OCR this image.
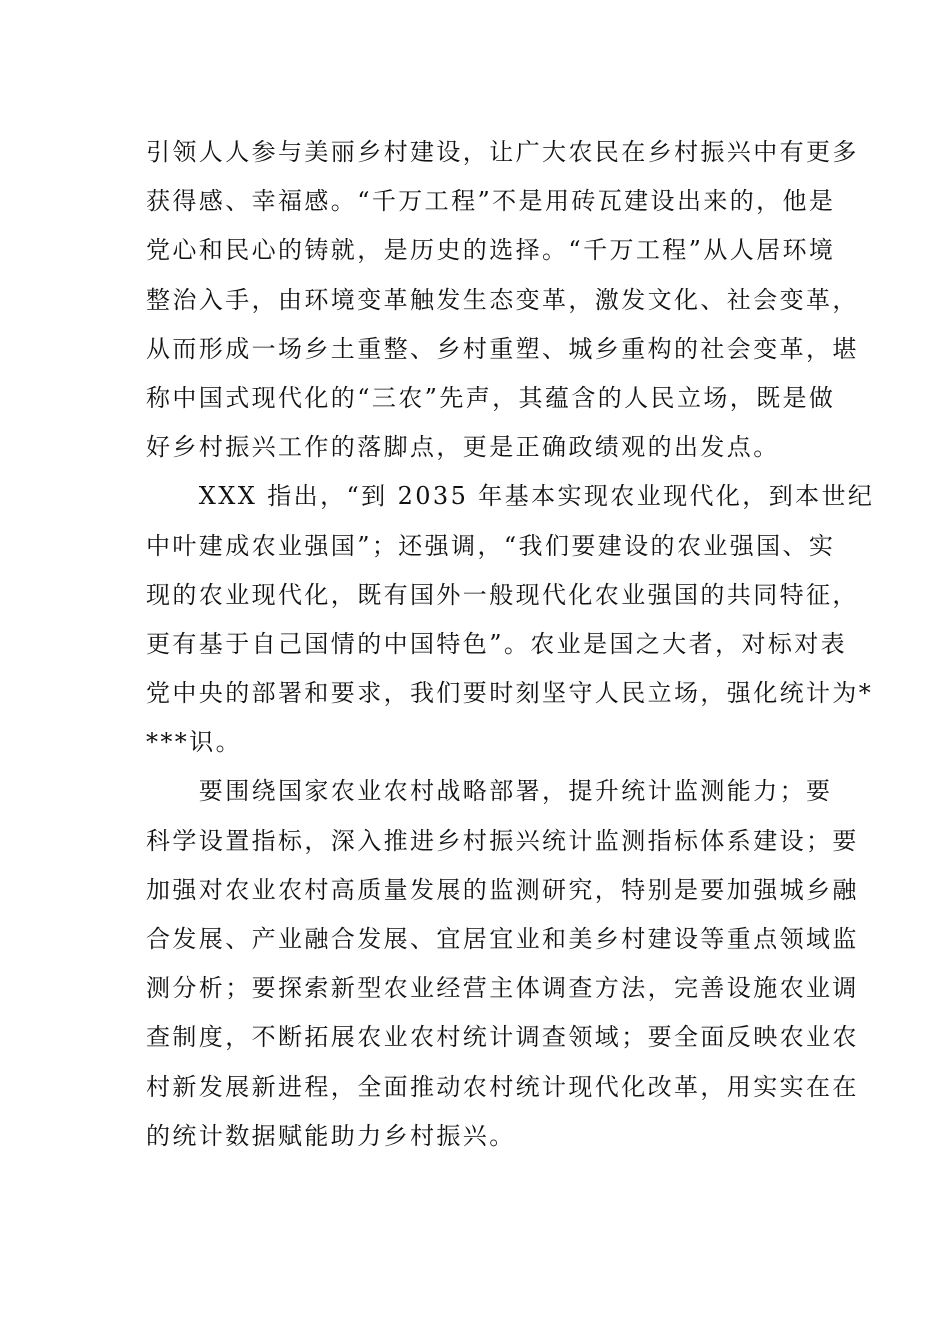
引领人人参与美丽乡村建设，让广大农民在乡村振兴中有更多
获得感、幸福感。“千万工程”不是用砖瓦建设出来的，他是
党心和民心的铸就，是历史的选择。“千万工程”从人居环境
整治入手，由环境变革触发生态变革，激发文化、社会变革，
从而形成一场乡土重整、乡村重塑、城乡重构的社会变革，堪
称中国式现代化的“三农”先声，其蕴含的人民立场，既是做
好乡村振兴工作的落脚点，更是正确政绩观的出发点。
　　XXX 指出，“到 2035 年基本实现农业现代化，到本世纪
中叶建成农业强国”；还强调，“我们要建设的农业强国、实
现的农业现代化，既有国外一般现代化农业强国的共同特征，
更有基于自己国情的中国特色”。农业是国之大者，对标对表
党中央的部署和要求，我们要时刻坚守人民立场，强化统计为*
***识。
　　要围绕国家农业农村战略部署，提升统计监测能力；要
科学设置指标，深入推进乡村振兴统计监测指标体系建设；要
加强对农业农村高质量发展的监测研究，特别是要加强城乡融
合发展、产业融合发展、宜居宜业和美乡村建设等重点领域监
测分析；要探索新型农业经营主体调查方法，完善设施农业调
查制度，不断拓展农业农村统计调查领域；要全面反映农业农
村新发展新进程，全面推动农村统计现代化改革，用实实在在
的统计数据赋能助力乡村振兴。
